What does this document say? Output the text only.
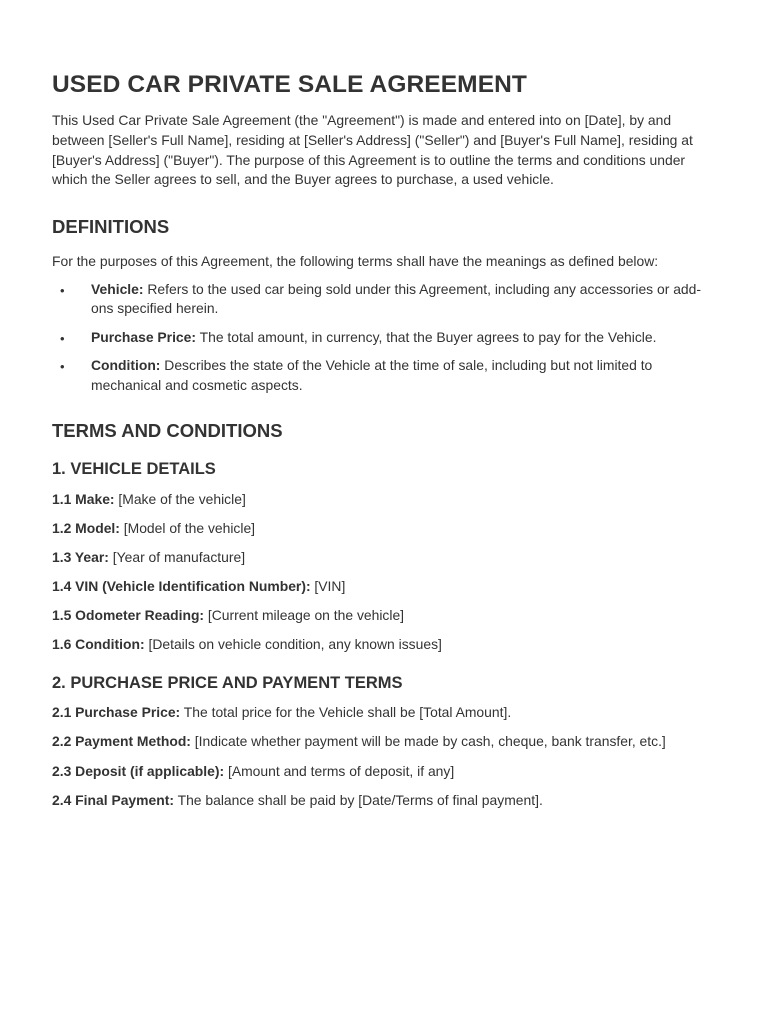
USED CAR PRIVATE SALE AGREEMENT

This Used Car Private Sale Agreement (the "Agreement") is made and entered into on [Date], by and between [Seller's Full Name], residing at [Seller's Address] ("Seller") and [Buyer's Full Name], residing at [Buyer's Address] ("Buyer"). The purpose of this Agreement is to outline the terms and conditions under which the Seller agrees to sell, and the Buyer agrees to purchase, a used vehicle.

DEFINITIONS

For the purposes of this Agreement, the following terms shall have the meanings as defined below:

• Vehicle: Refers to the used car being sold under this Agreement, including any accessories or add-ons specified herein.
• Purchase Price: The total amount, in currency, that the Buyer agrees to pay for the Vehicle.
• Condition: Describes the state of the Vehicle at the time of sale, including but not limited to mechanical and cosmetic aspects.
TERMS AND CONDITIONS
1. VEHICLE DETAILS

1.1 Make: [Make of the vehicle]

1.2 Model: [Model of the vehicle]

1.3 Year: [Year of manufacture]

1.4 VIN (Vehicle Identification Number): [VIN]

1.5 Odometer Reading: [Current mileage on the vehicle]

1.6 Condition: [Details on vehicle condition, any known issues]

2. PURCHASE PRICE AND PAYMENT TERMS

2.1 Purchase Price: The total price for the Vehicle shall be [Total Amount].

2.2 Payment Method: [Indicate whether payment will be made by cash, cheque, bank transfer, etc.]

2.3 Deposit (if applicable): [Amount and terms of deposit, if any]

2.4 Final Payment: The balance shall be paid by [Date/Terms of final payment].
